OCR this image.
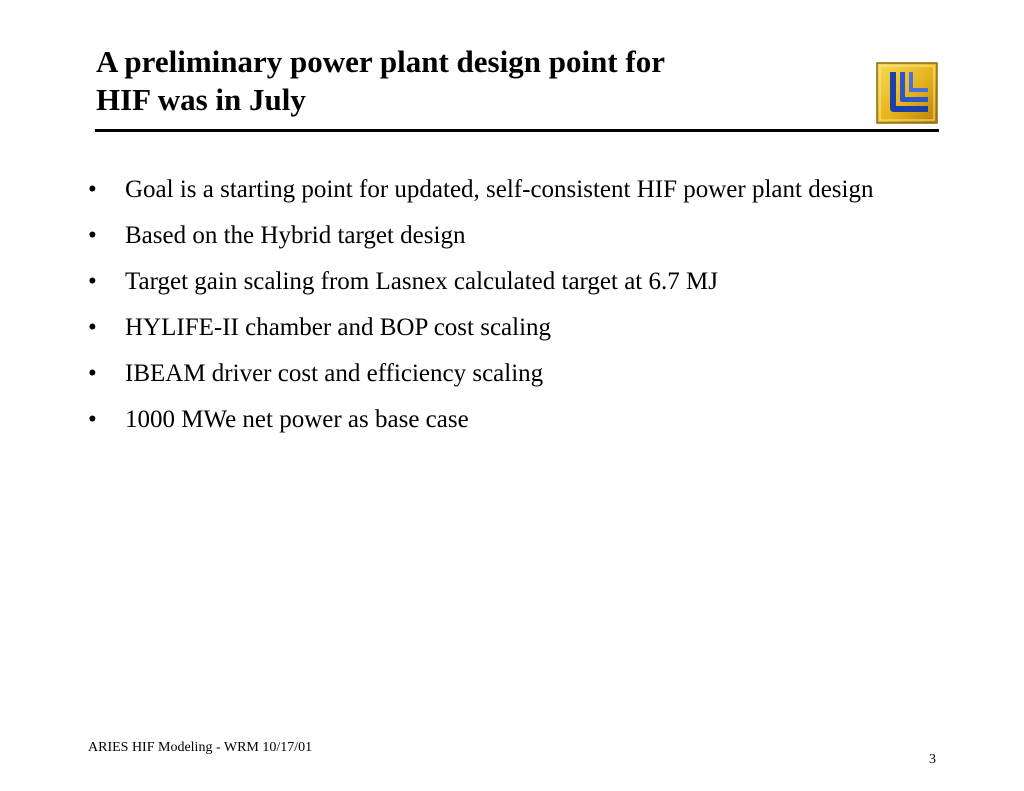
A preliminary power plant design point for
HIF was in July
• Goal is a starting point for updated, self-consistent HIF power plant design
• Based on the Hybrid target design
• Target gain scaling from Lasnex calculated target at 6.7 MJ
• HYLIFE-II chamber and BOP cost scaling
• IBEAM driver cost and efficiency scaling
• 1000 MWe net power as base case
ARIES HIF Modeling - WRM 10/17/01
3
